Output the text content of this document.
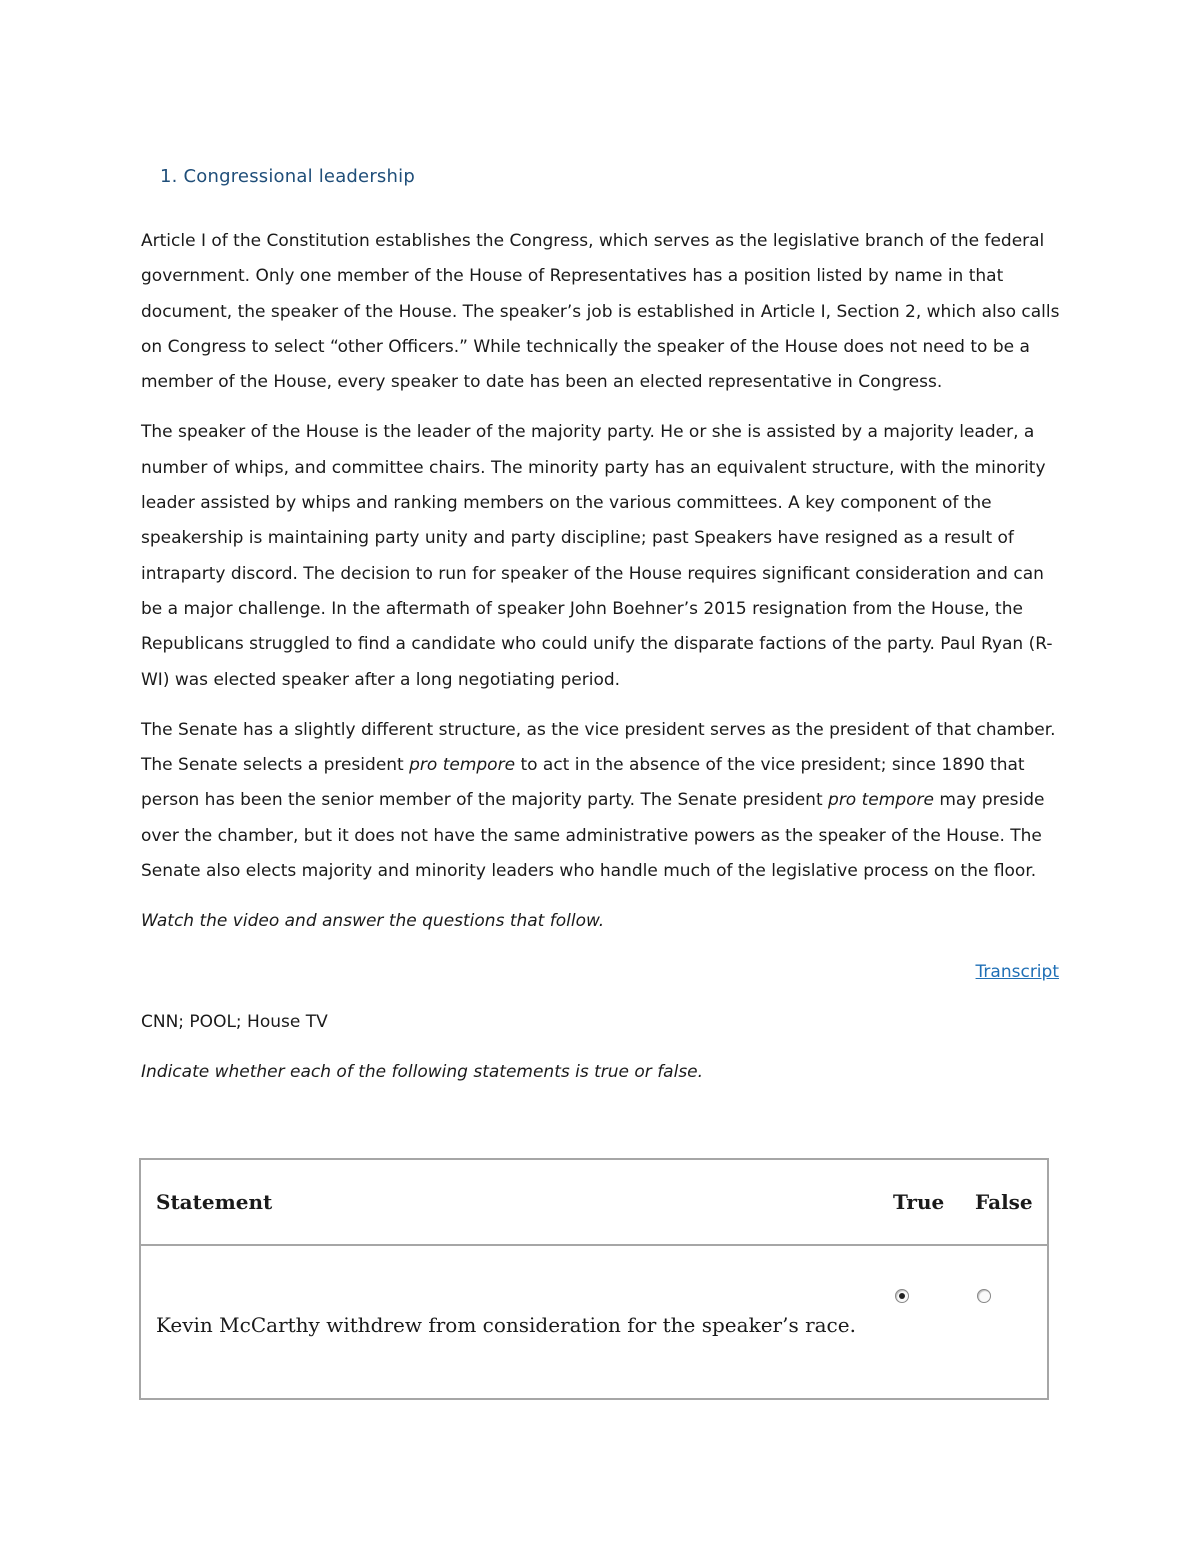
1. Congressional leadership

Article I of the Constitution establishes the Congress, which serves as the legislative branch of the federal government. Only one member of the House of Representatives has a position listed by name in that document, the speaker of the House. The speaker’s job is established in Article I, Section 2, which also calls on Congress to select “other Officers.” While technically the speaker of the House does not need to be a member of the House, every speaker to date has been an elected representative in Congress.

The speaker of the House is the leader of the majority party. He or she is assisted by a majority leader, a number of whips, and committee chairs. The minority party has an equivalent structure, with the minority leader assisted by whips and ranking members on the various committees. A key component of the speakership is maintaining party unity and party discipline; past Speakers have resigned as a result of intraparty discord. The decision to run for speaker of the House requires significant consideration and can be a major challenge. In the aftermath of speaker John Boehner’s 2015 resignation from the House, the Republicans struggled to find a candidate who could unify the disparate factions of the party. Paul Ryan (R-WI) was elected speaker after a long negotiating period.

The Senate has a slightly different structure, as the vice president serves as the president of that chamber. The Senate selects a president pro tempore to act in the absence of the vice president; since 1890 that person has been the senior member of the majority party. The Senate president pro tempore may preside over the chamber, but it does not have the same administrative powers as the speaker of the House. The Senate also elects majority and minority leaders who handle much of the legislative process on the floor.

Watch the video and answer the questions that follow.

Transcript

CNN; POOL; House TV

Indicate whether each of the following statements is true or false.

Statement	True	False
Kevin McCarthy withdrew from consideration for the speaker’s race.		
